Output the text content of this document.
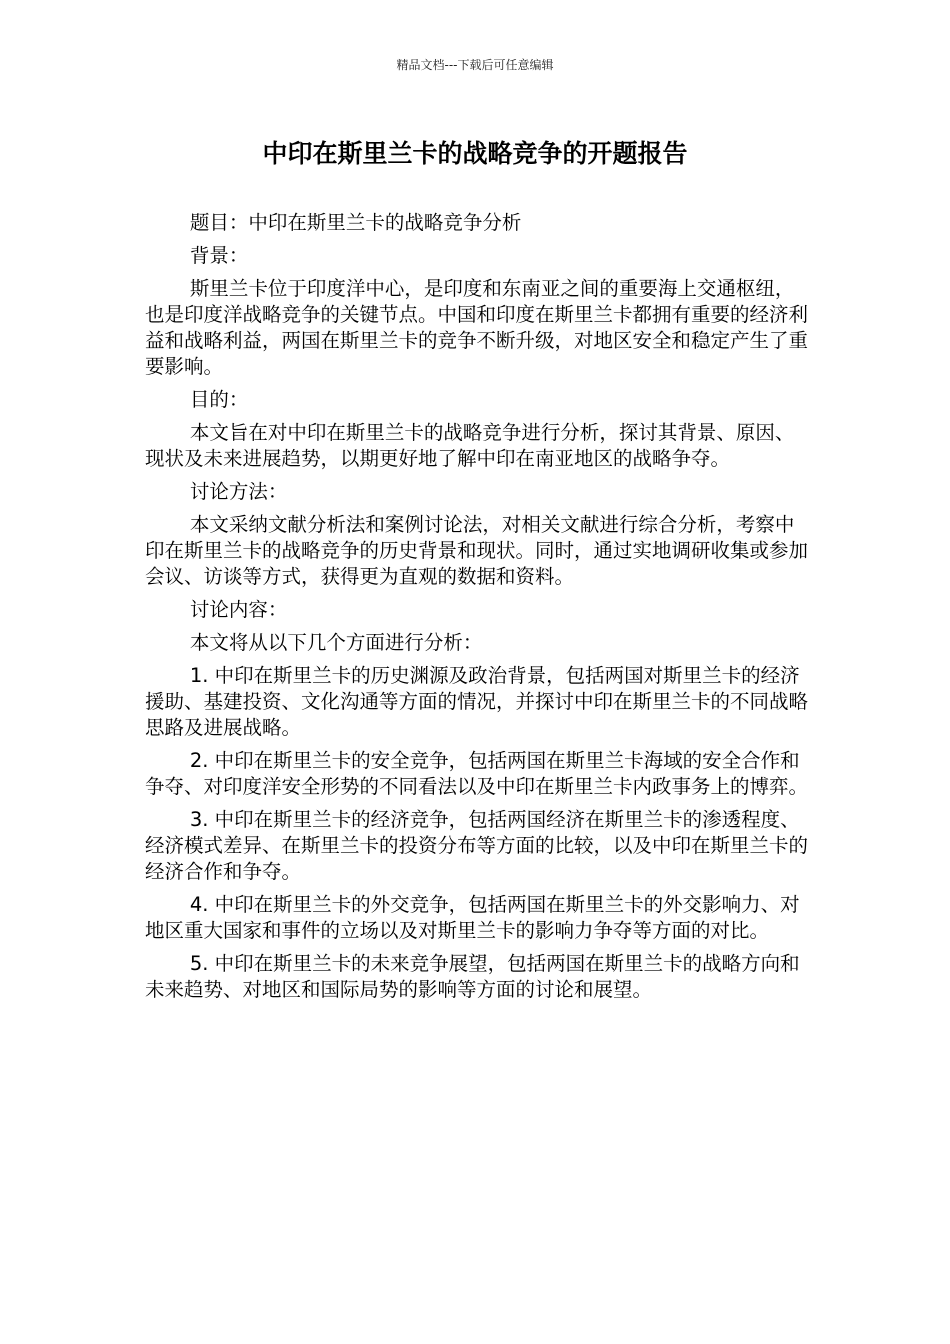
精品文档---下载后可任意编辑
中印在斯里兰卡的战略竞争的开题报告

题目：中印在斯里兰卡的战略竞争分析

背景：

斯里兰卡位于印度洋中心，是印度和东南亚之间的重要海上交通枢纽，也是印度洋战略竞争的关键节点。中国和印度在斯里兰卡都拥有重要的经济利益和战略利益，两国在斯里兰卡的竞争不断升级，对地区安全和稳定产生了重要影响。

目的：

本文旨在对中印在斯里兰卡的战略竞争进行分析，探讨其背景、原因、现状及未来进展趋势，以期更好地了解中印在南亚地区的战略争夺。

讨论方法：

本文采纳文献分析法和案例讨论法，对相关文献进行综合分析，考察中印在斯里兰卡的战略竞争的历史背景和现状。同时，通过实地调研收集或参加会议、访谈等方式，获得更为直观的数据和资料。

讨论内容：

本文将从以下几个方面进行分析：

1. 中印在斯里兰卡的历史渊源及政治背景，包括两国对斯里兰卡的经济援助、基建投资、文化沟通等方面的情况，并探讨中印在斯里兰卡的不同战略思路及进展战略。

2. 中印在斯里兰卡的安全竞争，包括两国在斯里兰卡海域的安全合作和争夺、对印度洋安全形势的不同看法以及中印在斯里兰卡内政事务上的博弈。

3. 中印在斯里兰卡的经济竞争，包括两国经济在斯里兰卡的渗透程度、经济模式差异、在斯里兰卡的投资分布等方面的比较，以及中印在斯里兰卡的经济合作和争夺。

4. 中印在斯里兰卡的外交竞争，包括两国在斯里兰卡的外交影响力、对地区重大国家和事件的立场以及对斯里兰卡的影响力争夺等方面的对比。

5. 中印在斯里兰卡的未来竞争展望，包括两国在斯里兰卡的战略方向和未来趋势、对地区和国际局势的影响等方面的讨论和展望。
